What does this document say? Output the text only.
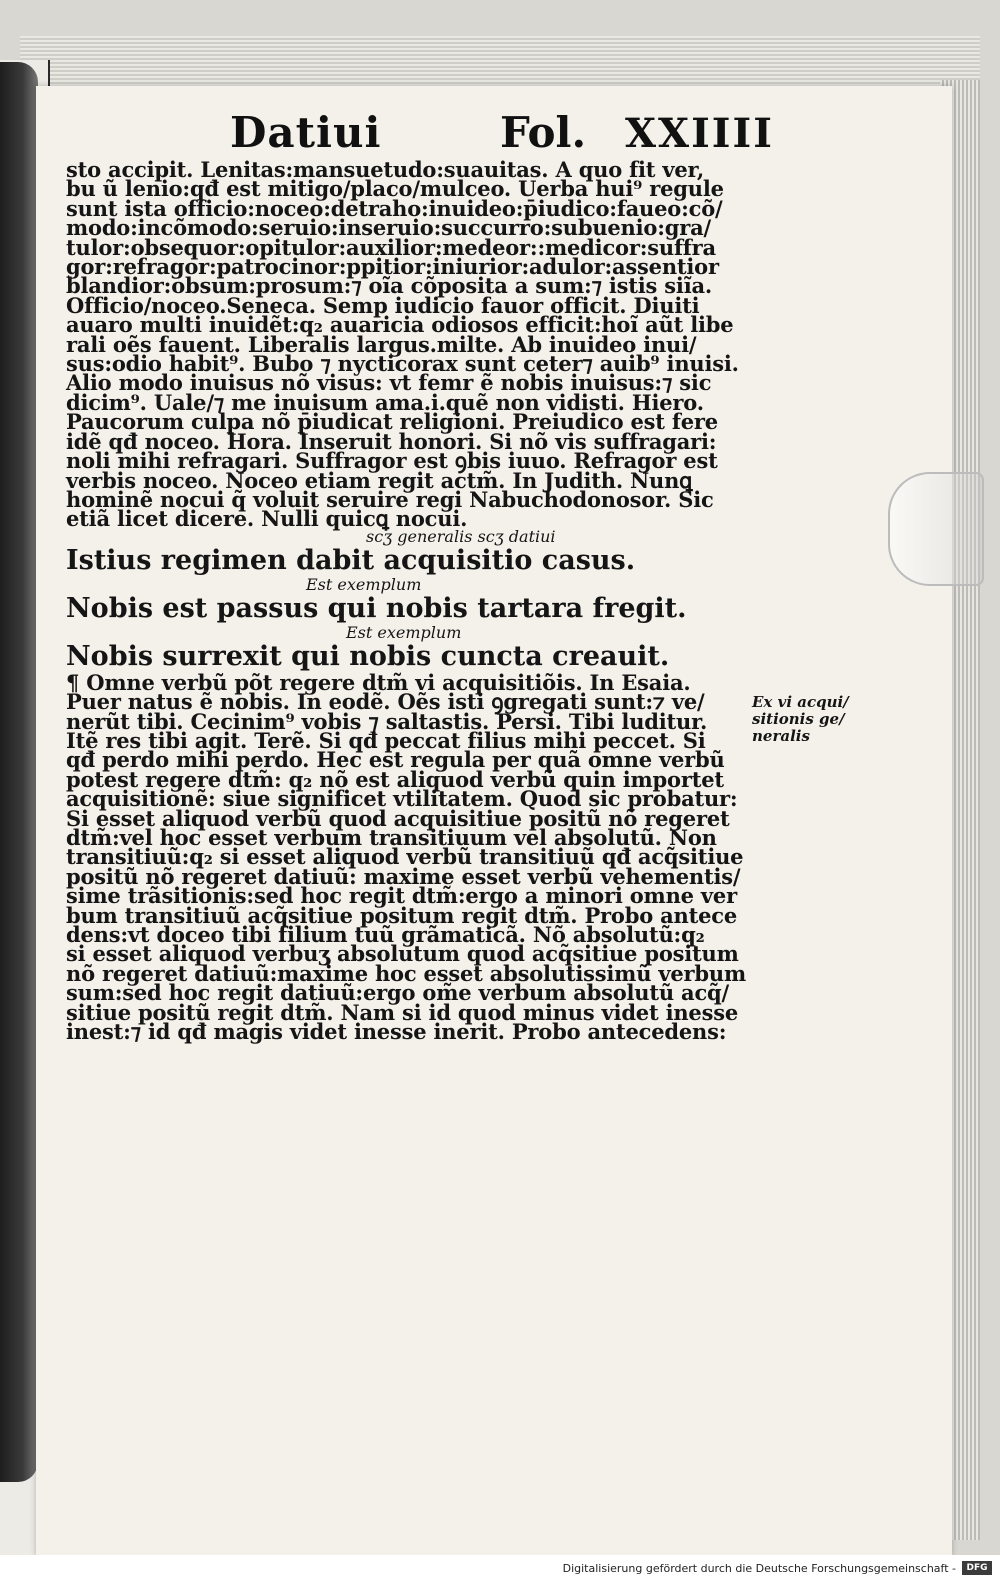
Datiui	Fol. XXIIII
sto accipit. Lenitas:mansuetudo:suauitas. A quo fit ver,
bu ũ lenio:qđ est mitigo/placo/mulceo. Uerba hui⁹ regule
sunt ista officio:noceo:detraho:inuideo:p̄iudico:faueo:cõ/
modo:incõmodo:seruio:inseruio:succurro:subuenio:gra/
tulor:obsequor:opitulor:auxilior:medeor::medicor:suffra
gor:refragor:patrocinor:ppitior:iniurior:adulor:assentior
blandior:obsum:prosum:⁊ oĩa cõposita a sum:⁊ istis siĩa.
Officio/noceo.Seneca. Semp iudicio fauor officit. Diuiti
auaro multi inuidẽt:q₂ auaricia odiosos efficit:hoĩ aũt libe
rali oẽs fauent. Liberalis largus.milte. Ab inuideo inui/
sus:odio habit⁹. Bubo ⁊ nycticorax sunt ceter⁊ auib⁹ inuisi.
Alio modo inuisus nõ visus: vt femr ẽ nobis inuisus:⁊ sic
dicim⁹. Uale/⁊ me inuisum ama.i.quẽ non vidisti. Hiero.
Paucorum culpa nõ p̄iudicat religioni. Preiudico est fere
idẽ qđ noceo. Hora. Inseruit honori. Si nõ vis suffragari:
noli mihi refragari. Suffragor est ꝯbis iuuo. Refragor est
verbis noceo. Noceo etiam regit actm̃. In Judith. Nunꝗ
hominẽ nocui q̃ voluit seruire regi Nabuchodonosor. Sic
etiã licet dicere. Nulli quicꝗ nocui.
scʒ generalis scʒ datiui
Istius regimen dabit acquisitio casus.
Est exemplum
Nobis est passus qui nobis tartara fregit.
Est exemplum
Nobis surrexit qui nobis cuncta creauit.
¶ Omne verbũ põt regere dtm̃ vi acquisitiõis. In Esaia.
Puer natus ẽ nobis. In eodẽ. Oẽs isti ꝯgregati sunt:⁊ ve/
nerũt tibi. Cecinim⁹ vobis ⁊ saltastis. Persi. Tibi luditur.
Itẽ res tibi agit. Terẽ. Si qđ peccat filius mihi peccet. Si
qđ perdo mihi perdo. Hec est regula per quã omne verbũ
potest regere dtm̃: q₂ nõ est aliquod verbũ quin importet
acquisitionẽ: siue significet vtilitatem. Quod sic probatur:
Si esset aliquod verbũ quod acquisitiue positũ nõ regeret
dtm̃:vel hoc esset verbum transitiuum vel absolutũ. Non
transitiuũ:q₂ si esset aliquod verbũ transitiuũ qđ acq̃sitiue
positũ nõ regeret datiuũ: maxime esset verbũ vehementis/
sime trãsitionis:sed hoc regit dtm̃:ergo a minori omne ver
bum transitiuũ acq̃sitiue positum regit dtm̃. Probo antece
dens:vt doceo tibi filium tuũ grãmaticã. Nõ absolutũ:q₂
si esset aliquod verbuʒ absolutum quod acq̃sitiue positum
nõ regeret datiuũ:maxime hoc esset absolutissimũ verbum
sum:sed hoc regit datiuũ:ergo om̃e verbum absolutũ acq̃/
sitiue positũ regit dtm̃. Nam si id quod minus videt inesse
inest:⁊ id qđ magis videt inesse inerit. Probo antecedens:
Ex vi acqui/
sitionis ge/
neralis
Digitalisierung gefördert durch die Deutsche Forschungsgemeinschaft -	DFG
